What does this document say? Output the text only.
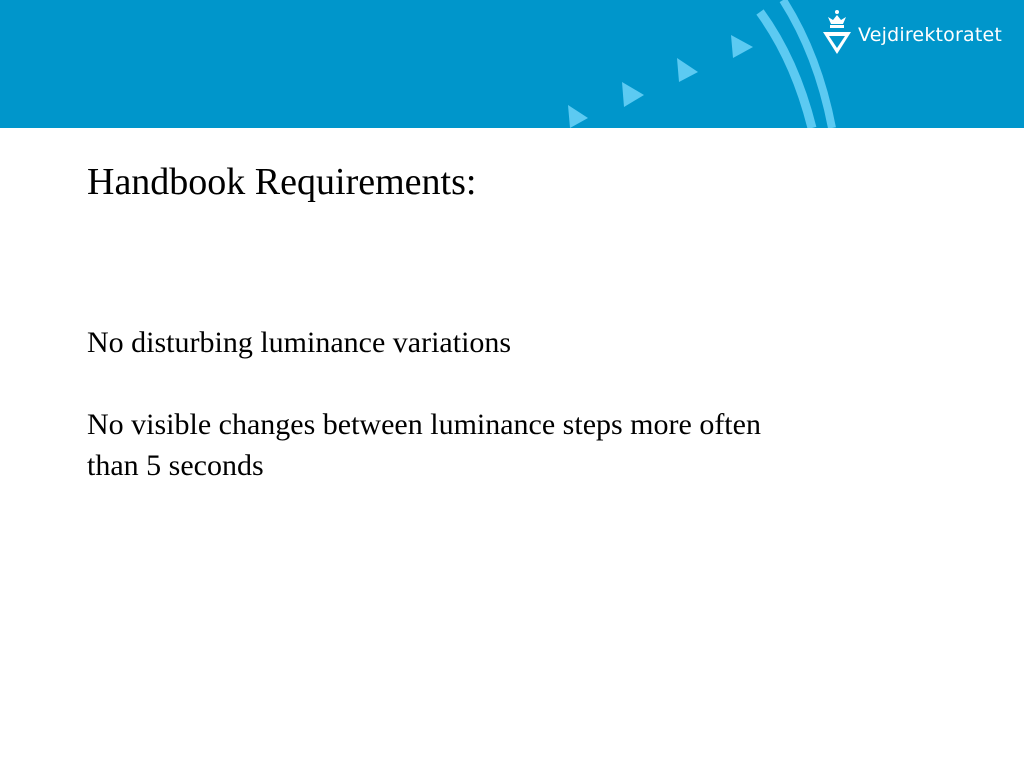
Vejdirektoratet
Handbook Requirements:

No disturbing luminance variations

No visible changes between luminance steps more often than 5 seconds
